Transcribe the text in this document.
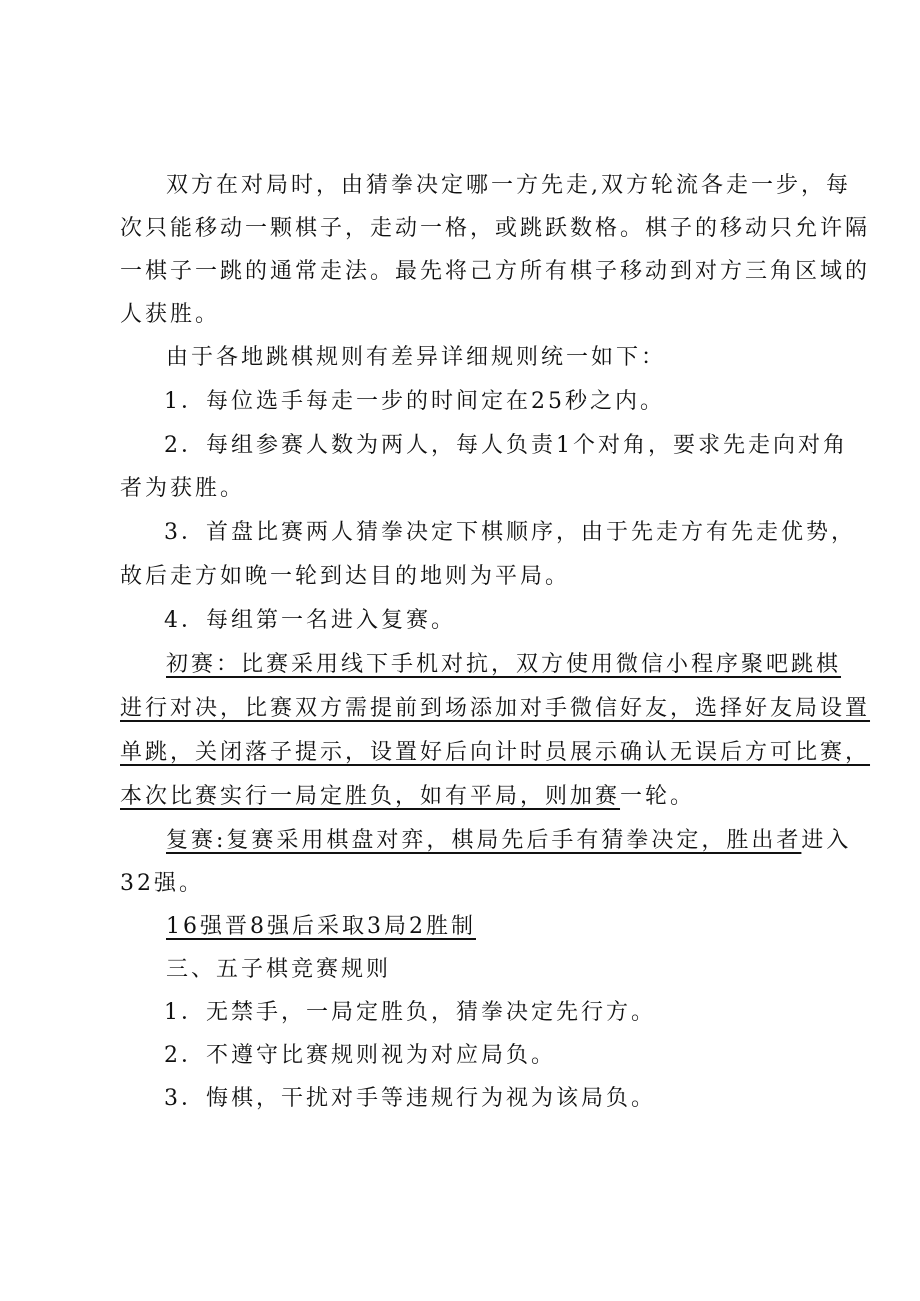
双方在对局时，由猜拳决定哪一方先走,双方轮流各走一步，每
次只能移动一颗棋子，走动一格，或跳跃数格。棋子的移动只允许隔
一棋子一跳的通常走法。最先将己方所有棋子移动到对方三角区域的
人获胜。
由于各地跳棋规则有差异详细规则统一如下：
1．每位选手每走一步的时间定在25秒之内。
2．每组参赛人数为两人，每人负责1个对角，要求先走向对角
者为获胜。
3．首盘比赛两人猜拳决定下棋顺序，由于先走方有先走优势，
故后走方如晚一轮到达目的地则为平局。
4．每组第一名进入复赛。
初赛：比赛采用线下手机对抗，双方使用微信小程序聚吧跳棋
进行对决，比赛双方需提前到场添加对手微信好友，选择好友局设置
单跳，关闭落子提示，设置好后向计时员展示确认无误后方可比赛，
本次比赛实行一局定胜负，如有平局，则加赛一轮。
复赛:复赛采用棋盘对弈，棋局先后手有猜拳决定，胜出者进入
32强。
16强晋8强后采取3局2胜制
三、五子棋竞赛规则
1．无禁手，一局定胜负，猜拳决定先行方。
2．不遵守比赛规则视为对应局负。
3．悔棋，干扰对手等违规行为视为该局负。
